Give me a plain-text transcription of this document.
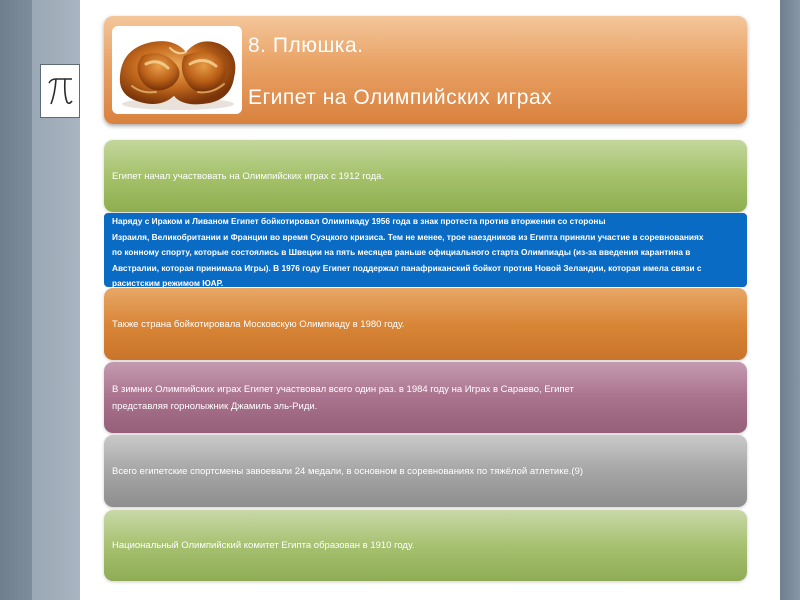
8. Плюшка.
Египет на Олимпийских играх
Египет начал участвовать на Олимпийских играх с 1912 года.
Наряду с Ираком и Ливаном Египет бойкотировал Олимпиаду 1956 года в знак протеста против вторжения со стороны
Израиля, Великобритании и Франции во время Суэцкого кризиса. Тем не менее, трое наездников из Египта приняли участие в соревнованиях
по конному спорту, которые состоялись в Швеции на пять месяцев раньше официального старта Олимпиады (из-за введения карантина в
Австралии, которая принимала Игры). В 1976 году Египет поддержал панафриканский бойкот против Новой Зеландии, которая имела связи с
расистским режимом ЮАР.
Также страна бойкотировала Московскую Олимпиаду в 1980 году.
В зимних Олимпийских играх Египет участвовал всего один раз. в 1984 году на Играх в Сараево, Египет
представляя горнолыжник Джамиль эль-Риди.
Всего египетские спортсмены завоевали 24 медали, в основном в соревнованиях по тяжёлой атлетике.(9)
Национальный Олимпийский комитет Египта образован в 1910 году.
